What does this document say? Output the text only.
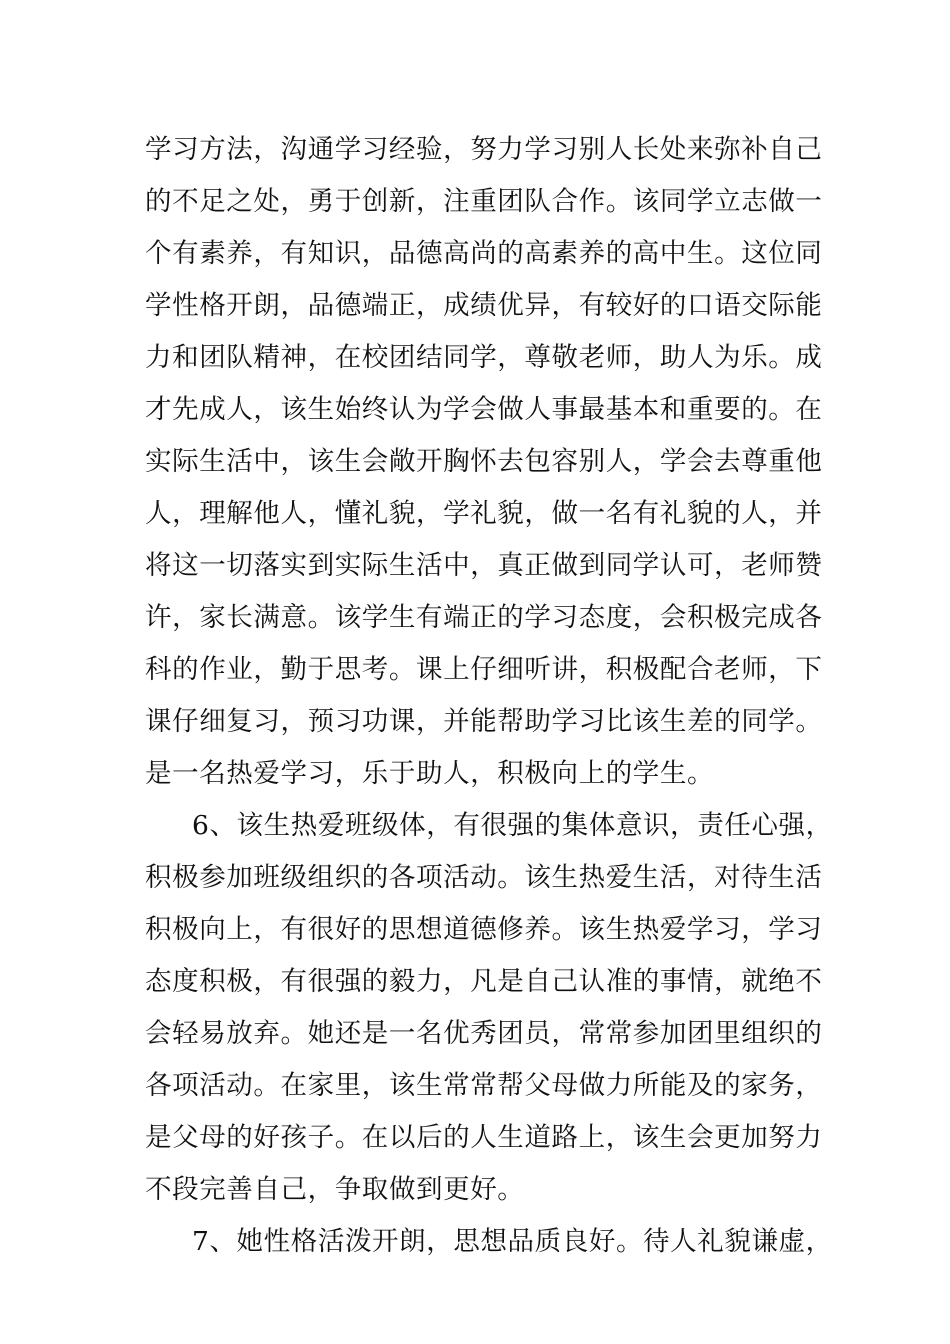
学习方法，沟通学习经验，努力学习别人长处来弥补自己
的不足之处，勇于创新，注重团队合作。该同学立志做一
个有素养，有知识，品德高尚的高素养的高中生。这位同
学性格开朗，品德端正，成绩优异，有较好的口语交际能
力和团队精神，在校团结同学，尊敬老师，助人为乐。成
才先成人，该生始终认为学会做人事最基本和重要的。在
实际生活中，该生会敞开胸怀去包容别人，学会去尊重他
人，理解他人，懂礼貌，学礼貌，做一名有礼貌的人，并
将这一切落实到实际生活中，真正做到同学认可，老师赞
许，家长满意。该学生有端正的学习态度，会积极完成各
科的作业，勤于思考。课上仔细听讲，积极配合老师，下
课仔细复习，预习功课，并能帮助学习比该生差的同学。
是一名热爱学习，乐于助人，积极向上的学生。
6、该生热爱班级体，有很强的集体意识，责任心强，
积极参加班级组织的各项活动。该生热爱生活，对待生活
积极向上，有很好的思想道德修养。该生热爱学习，学习
态度积极，有很强的毅力，凡是自己认准的事情，就绝不
会轻易放弃。她还是一名优秀团员，常常参加团里组织的
各项活动。在家里，该生常常帮父母做力所能及的家务，
是父母的好孩子。在以后的人生道路上，该生会更加努力
不段完善自己，争取做到更好。
7、她性格活泼开朗，思想品质良好。待人礼貌谦虚，
